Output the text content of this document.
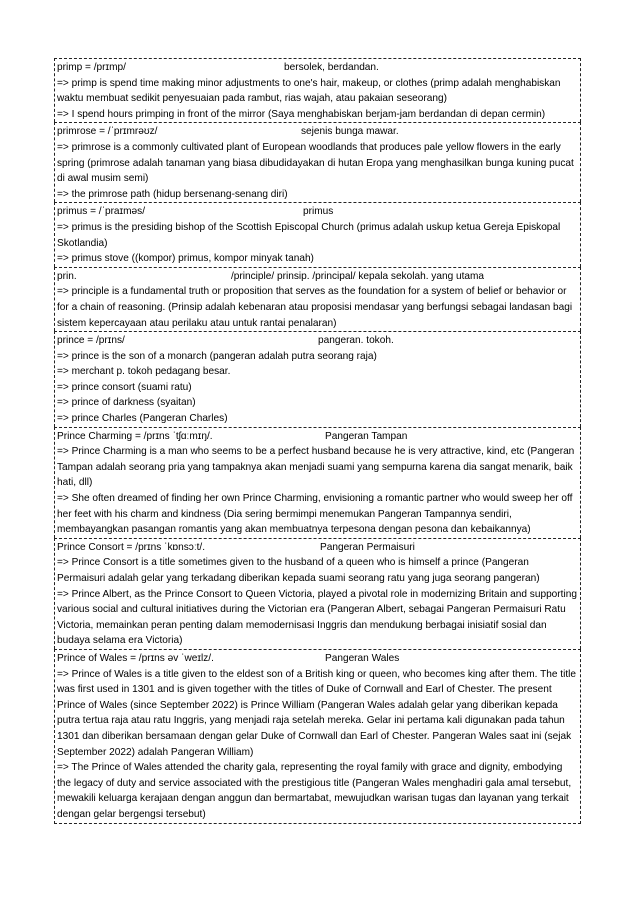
primp = /prɪmp/	bersolek, berdandan.
=> primp is spend time making minor adjustments to one's hair, makeup, or clothes (primp adalah menghabiskan waktu membuat sedikit penyesuaian pada rambut, rias wajah, atau pakaian seseorang)
=> I spend hours primping in front of the mirror (Saya menghabiskan berjam-jam berdandan di depan cermin)
primrose = /ˈprɪmrəʊz/	sejenis bunga mawar.
=> primrose is a commonly cultivated plant of European woodlands that produces pale yellow flowers in the early spring (primrose adalah tanaman yang biasa dibudidayakan di hutan Eropa yang menghasilkan bunga kuning pucat di awal musim semi)
=> the primrose path (hidup bersenang-senang diri)
primus = /ˈpraɪməs/	primus
=> primus is the presiding bishop of the Scottish Episcopal Church (primus adalah uskup ketua Gereja Episkopal Skotlandia)
=> primus stove ((kompor) primus, kompor minyak tanah)
prin.	/principle/ prinsip. /principal/ kepala sekolah. yang utama
=> principle is a fundamental truth or proposition that serves as the foundation for a system of belief or behavior or for a chain of reasoning. (Prinsip adalah kebenaran atau proposisi mendasar yang berfungsi sebagai landasan bagi sistem kepercayaan atau perilaku atau untuk rantai penalaran)
prince = /prɪns/	pangeran. tokoh.
=> prince is the son of a monarch (pangeran adalah putra seorang raja)
=> merchant p. tokoh pedagang besar.
=> prince consort (suami ratu)
=> prince of darkness (syaitan)
=> prince Charles (Pangeran Charles)
Prince Charming = /prɪns ˈtʃɑːmɪŋ/.	Pangeran Tampan
=> Prince Charming is a man who seems to be a perfect husband because he is very attractive, kind, etc (Pangeran Tampan adalah seorang pria yang tampaknya akan menjadi suami yang sempurna karena dia sangat menarik, baik hati, dll)
=> She often dreamed of finding her own Prince Charming, envisioning a romantic partner who would sweep her off her feet with his charm and kindness (Dia sering bermimpi menemukan Pangeran Tampannya sendiri, membayangkan pasangan romantis yang akan membuatnya terpesona dengan pesona dan kebaikannya)
Prince Consort = /prɪns ˈkɒnsɔːt/.	Pangeran Permaisuri
=> Prince Consort is a title sometimes given to the husband of a queen who is himself a prince (Pangeran Permaisuri adalah gelar yang terkadang diberikan kepada suami seorang ratu yang juga seorang pangeran)
=> Prince Albert, as the Prince Consort to Queen Victoria, played a pivotal role in modernizing Britain and supporting various social and cultural initiatives during the Victorian era (Pangeran Albert, sebagai Pangeran Permaisuri Ratu Victoria, memainkan peran penting dalam memodernisasi Inggris dan mendukung berbagai inisiatif sosial dan budaya selama era Victoria)
Prince of Wales = /prɪns əv ˈweɪlz/.	Pangeran Wales
=> Prince of Wales is a title given to the eldest son of a British king or queen, who becomes king after them. The title was first used in 1301 and is given together with the titles of Duke of Cornwall and Earl of Chester. The present Prince of Wales (since September 2022) is Prince William (Pangeran Wales adalah gelar yang diberikan kepada putra tertua raja atau ratu Inggris, yang menjadi raja setelah mereka. Gelar ini pertama kali digunakan pada tahun 1301 dan diberikan bersamaan dengan gelar Duke of Cornwall dan Earl of Chester. Pangeran Wales saat ini (sejak September 2022) adalah Pangeran William)
=> The Prince of Wales attended the charity gala, representing the royal family with grace and dignity, embodying the legacy of duty and service associated with the prestigious title (Pangeran Wales menghadiri gala amal tersebut, mewakili keluarga kerajaan dengan anggun dan bermartabat, mewujudkan warisan tugas dan layanan yang terkait dengan gelar bergengsi tersebut)
